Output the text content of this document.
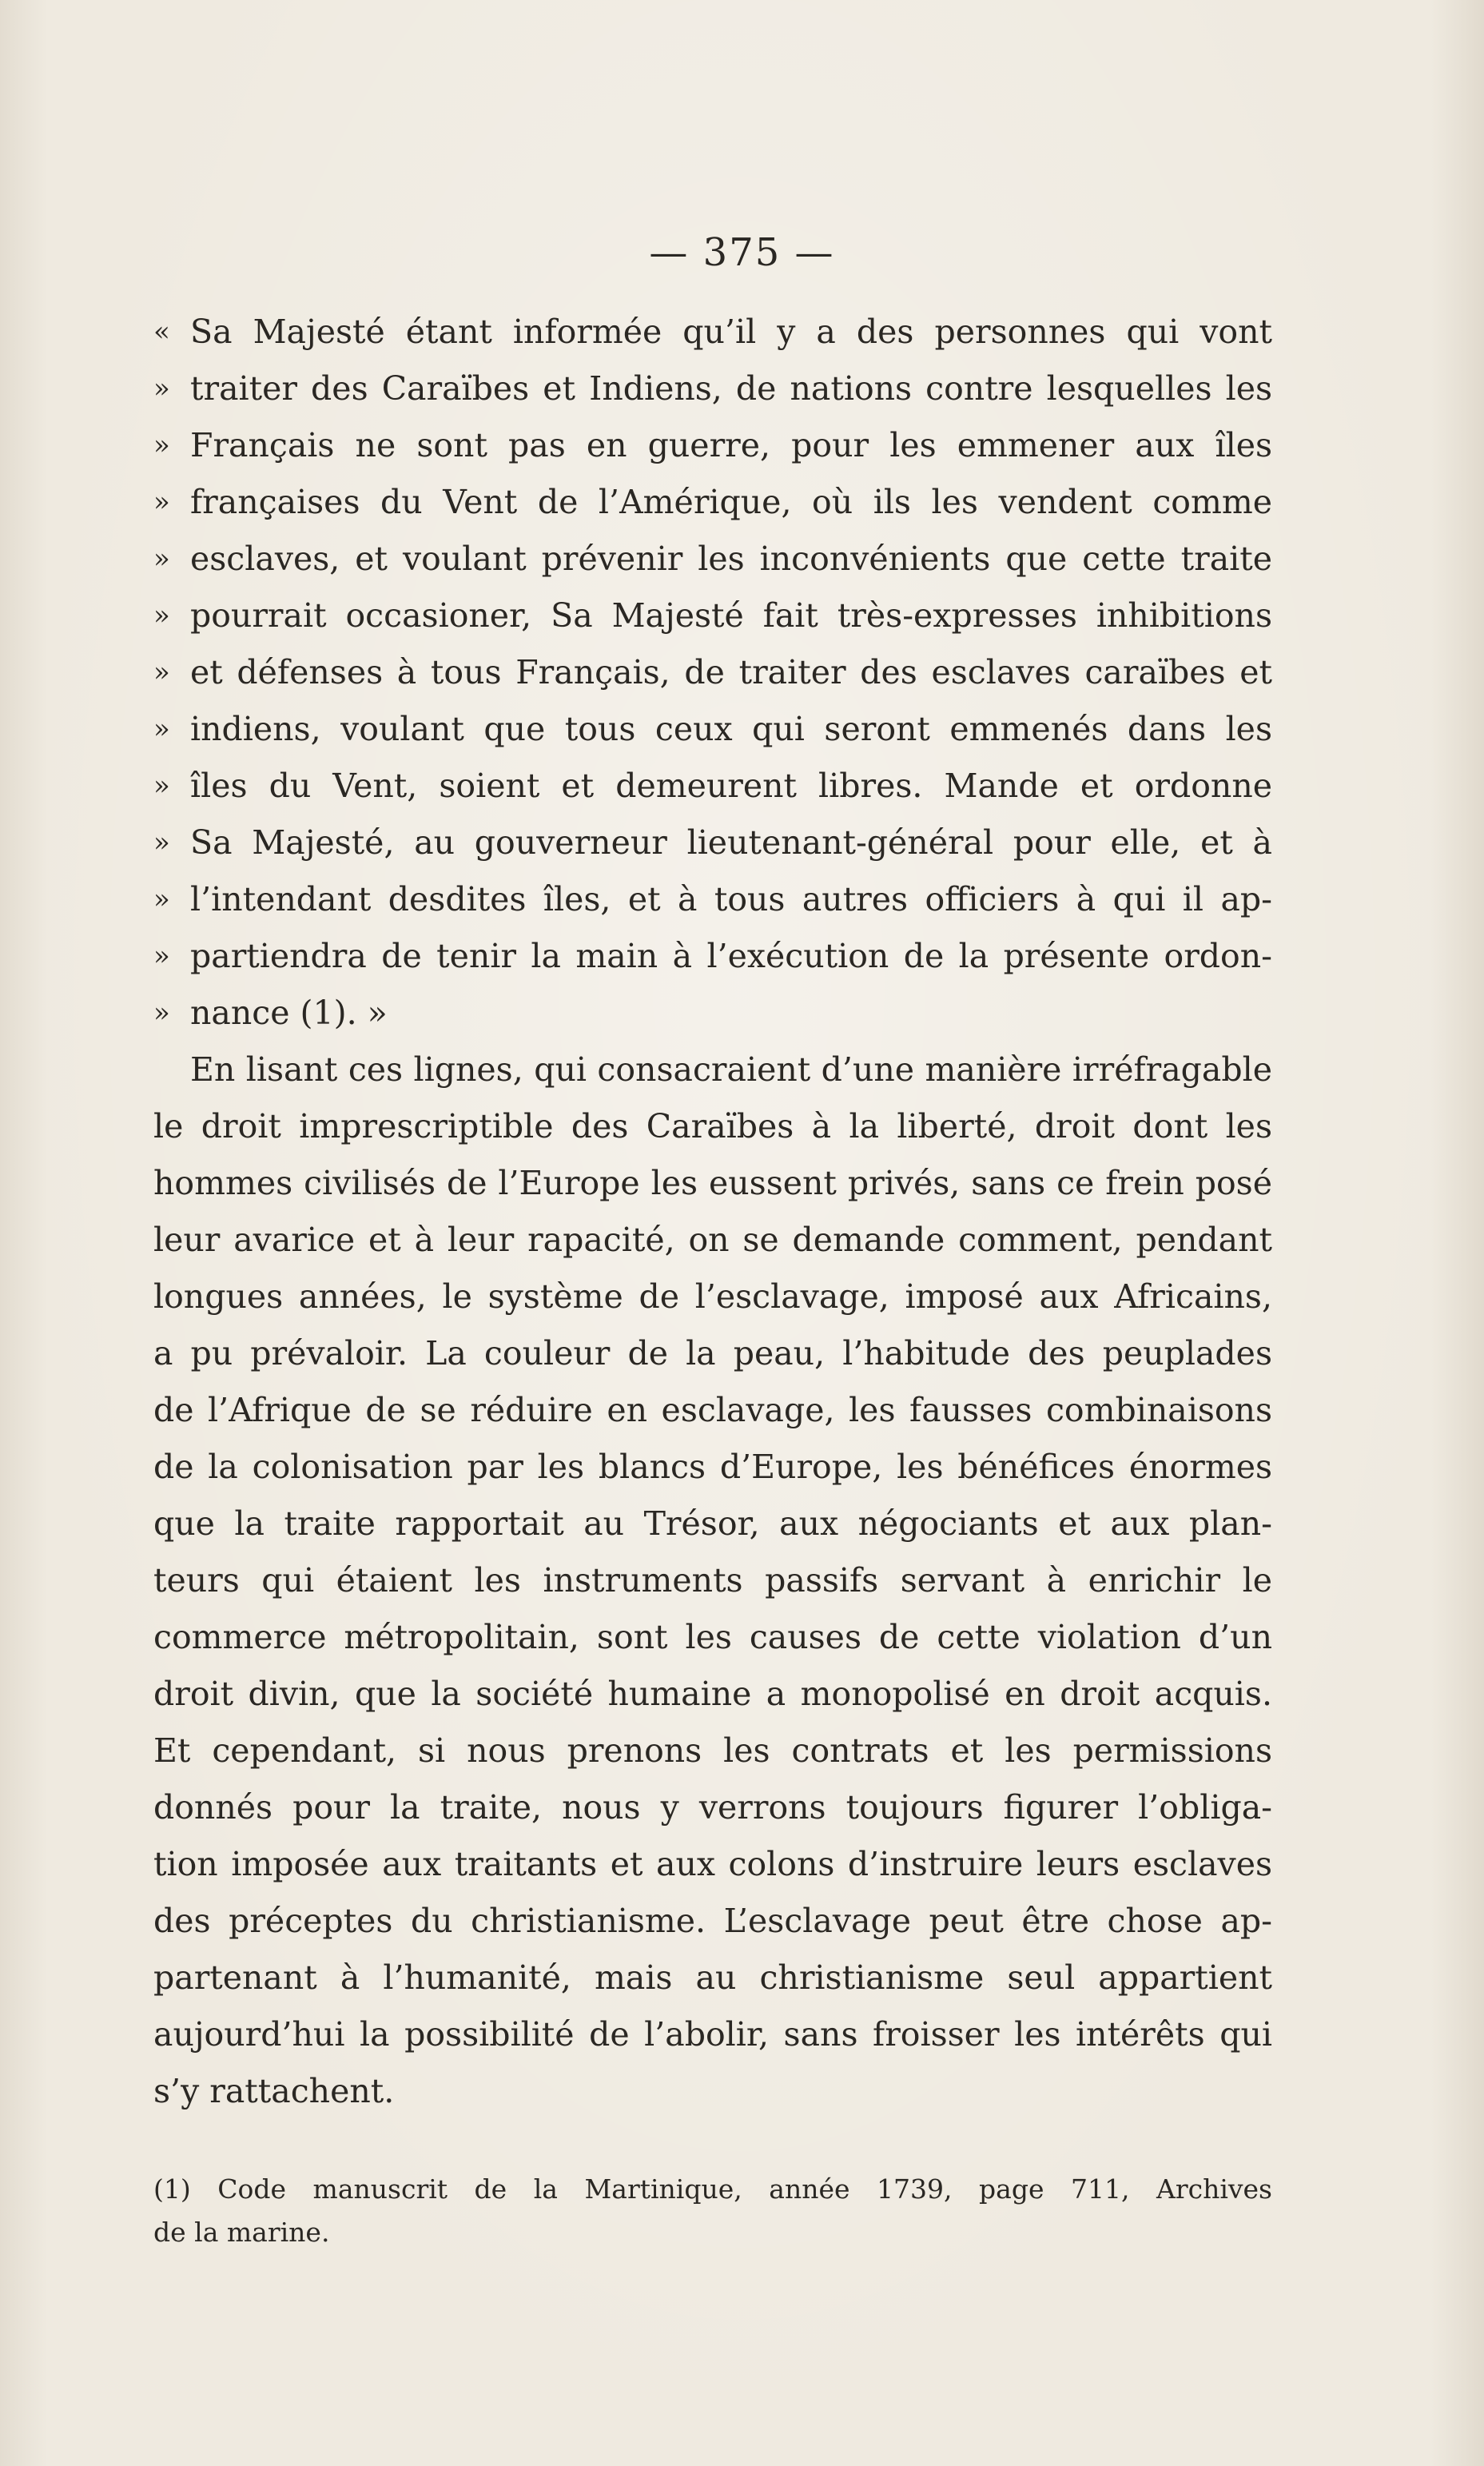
— 375 —
« Sa Majesté étant informée qu’il y a des personnes qui vont
» traiter des Caraïbes et Indiens, de nations contre lesquelles les
» Français ne sont pas en guerre, pour les emmener aux îles
» françaises du Vent de l’Amérique, où ils les vendent comme
» esclaves, et voulant prévenir les inconvénients que cette traite
» pourrait occasioner, Sa Majesté fait très-expresses inhibitions
» et défenses à tous Français, de traiter des esclaves caraïbes et
» indiens, voulant que tous ceux qui seront emmenés dans les
» îles du Vent, soient et demeurent libres. Mande et ordonne
» Sa Majesté, au gouverneur lieutenant-général pour elle, et à
» l’intendant desdites îles, et à tous autres officiers à qui il ap-
» partiendra de tenir la main à l’exécution de la présente ordon-
» nance (1). »
En lisant ces lignes, qui consacraient d’une manière irréfragable
le droit imprescriptible des Caraïbes à la liberté, droit dont les
hommes civilisés de l’Europe les eussent privés, sans ce frein posé
leur avarice et à leur rapacité, on se demande comment, pendant
longues années, le système de l’esclavage, imposé aux Africains,
a pu prévaloir. La couleur de la peau, l’habitude des peuplades
de l’Afrique de se réduire en esclavage, les fausses combinaisons
de la colonisation par les blancs d’Europe, les bénéfices énormes
que la traite rapportait au Trésor, aux négociants et aux plan-
teurs qui étaient les instruments passifs servant à enrichir le
commerce métropolitain, sont les causes de cette violation d’un
droit divin, que la société humaine a monopolisé en droit acquis.
Et cependant, si nous prenons les contrats et les permissions
donnés pour la traite, nous y verrons toujours figurer l’obliga-
tion imposée aux traitants et aux colons d’instruire leurs esclaves
des préceptes du christianisme. L’esclavage peut être chose ap-
partenant à l’humanité, mais au christianisme seul appartient
aujourd’hui la possibilité de l’abolir, sans froisser les intérêts qui
s’y rattachent.
(1) Code manuscrit de la Martinique, année 1739, page 711, Archives
de la marine.
